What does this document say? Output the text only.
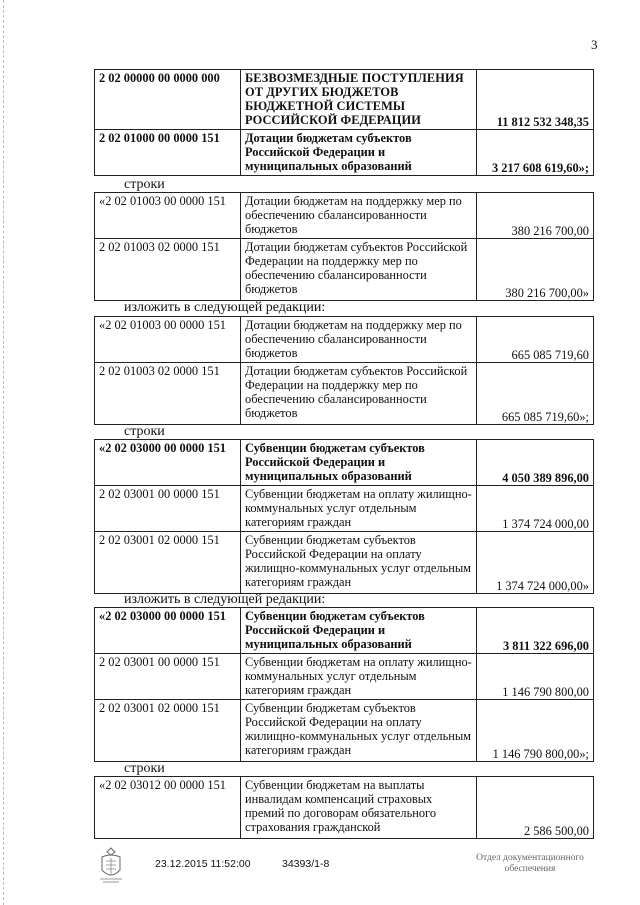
3
2 02 00000 00 0000 000	БЕЗВОЗМЕЗДНЫЕ ПОСТУПЛЕНИЯ ОТ ДРУГИХ БЮДЖЕТОВ БЮДЖЕТНОЙ СИСТЕМЫ РОССИЙСКОЙ ФЕДЕРАЦИИ	11 812 532 348,35
2 02 01000 00 0000 151	Дотации бюджетам субъектов Российской Федерации и муниципальных образований	3 217 608 619,60»;
строки
«2 02 01003 00 0000 151	Дотации бюджетам на поддержку мер по обеспечению сбалансированности бюджетов	380 216 700,00
2 02 01003 02 0000 151	Дотации бюджетам субъектов Российской Федерации на поддержку мер по обеспечению сбалансированности бюджетов	380 216 700,00»
изложить в следующей редакции:
«2 02 01003 00 0000 151	Дотации бюджетам на поддержку мер по обеспечению сбалансированности бюджетов	665 085 719,60
2 02 01003 02 0000 151	Дотации бюджетам субъектов Российской Федерации на поддержку мер по обеспечению сбалансированности бюджетов	665 085 719,60»;
строки
«2 02 03000 00 0000 151	Субвенции бюджетам субъектов Российской Федерации и муниципальных образований	4 050 389 896,00
2 02 03001 00 0000 151	Субвенции бюджетам на оплату жилищно-коммунальных услуг отдельным категориям граждан	1 374 724 000,00
2 02 03001 02 0000 151	Субвенции бюджетам субъектов Российской Федерации на оплату жилищно-коммунальных услуг отдельным категориям граждан	1 374 724 000,00»
изложить в следующей редакции:
«2 02 03000 00 0000 151	Субвенции бюджетам субъектов Российской Федерации и муниципальных образований	3 811 322 696,00
2 02 03001 00 0000 151	Субвенции бюджетам на оплату жилищно-коммунальных услуг отдельным категориям граждан	1 146 790 800,00
2 02 03001 02 0000 151	Субвенции бюджетам субъектов Российской Федерации на оплату жилищно-коммунальных услуг отдельным категориям граждан	1 146 790 800,00»;
строки
«2 02 03012 00 0000 151	Субвенции бюджетам на выплаты инвалидам компенсаций страховых премий по договорам обязательного страхования гражданской	2 586 500,00
23.12.2015 11:52:00	34393/1-8	Отдел документационного
обеспечения
